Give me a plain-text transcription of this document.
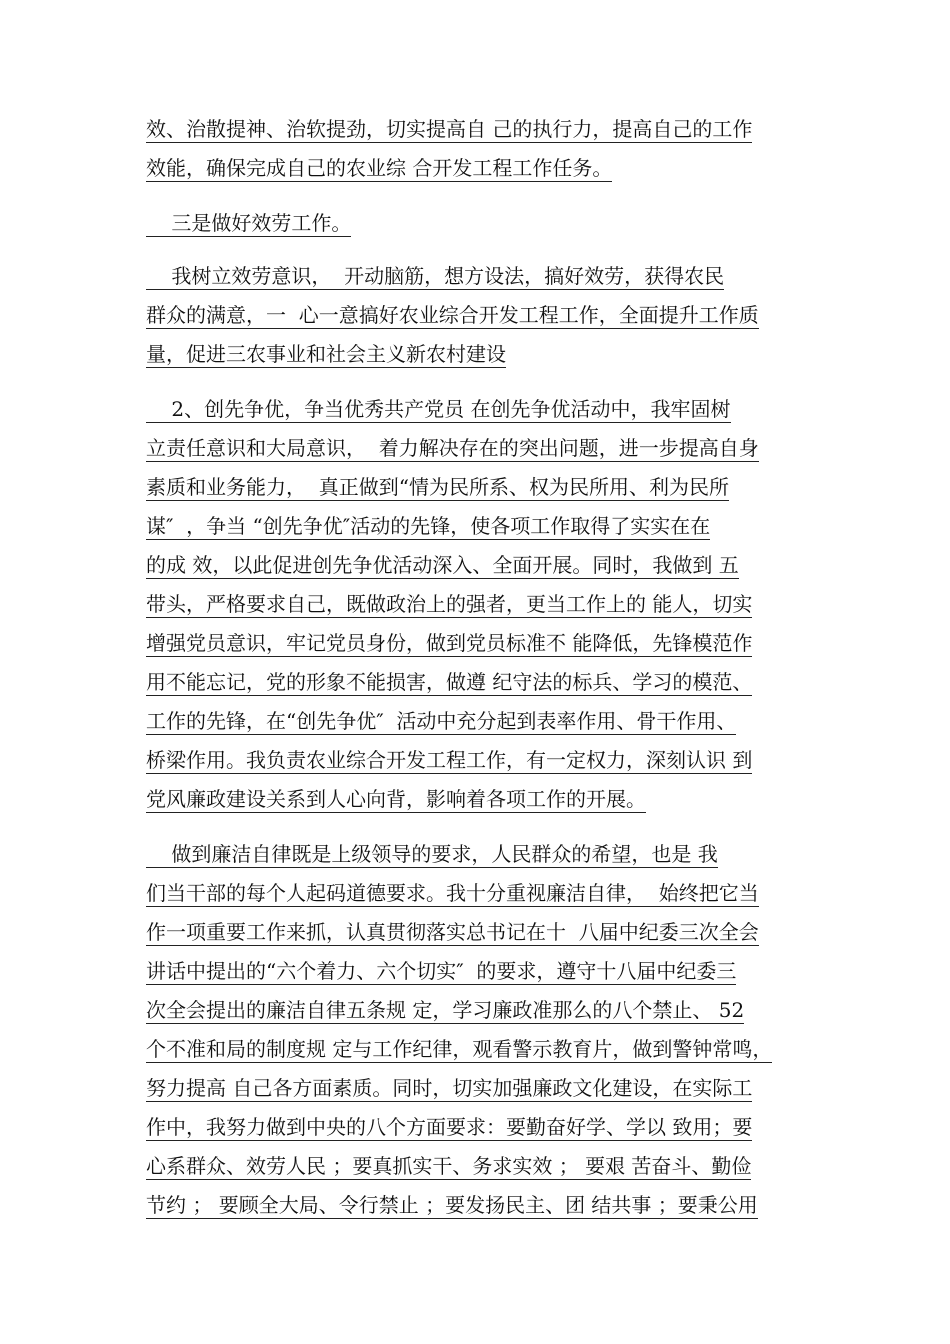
效、治散提神、治软提劲，切实提高自 己的执行力，提高自己的工作
效能，确保完成自己的农业综 合开发工程工作任务。
三是做好效劳工作。
我树立效劳意识，  开动脑筋，想方设法，搞好效劳，获得农民
群众的满意，一  心一意搞好农业综合开发工程工作，全面提升工作质
量，促进三农事业和社会主义新农村建设
2、创先争优，争当优秀共产党员 在创先争优活动中，我牢固树
立责任意识和大局意识，  着力解决存在的突出问题，进一步提高自身
素质和业务能力，  真正做到“情为民所系、权为民所用、利为民所
谋″  ，争当 “创先争优″活动的先锋，使各项工作取得了实实在在
的成 效，以此促进创先争优活动深入、全面开展。同时，我做到 五
带头，严格要求自己，既做政治上的强者，更当工作上的 能人，切实
增强党员意识，牢记党员身份，做到党员标准不 能降低，先锋模范作
用不能忘记，党的形象不能损害，做遵 纪守法的标兵、学习的模范、
工作的先锋，在“创先争优″  活动中充分起到表率作用、骨干作用、
桥梁作用。我负责农业综合开发工程工作，有一定权力，深刻认识 到
党风廉政建设关系到人心向背，影响着各项工作的开展。
做到廉洁自律既是上级领导的要求，人民群众的希望，也是 我
们当干部的每个人起码道德要求。我十分重视廉洁自律，  始终把它当
作一项重要工作来抓，认真贯彻落实总书记在十  八届中纪委三次全会
讲话中提出的“六个着力、六个切实″  的要求，遵守十八届中纪委三
次全会提出的廉洁自律五条规 定，学习廉政准那么的八个禁止、 52
个不准和局的制度规 定与工作纪律，观看警示教育片，做到警钟常鸣，
努力提高 自己各方面素质。同时，切实加强廉政文化建设，在实际工
作中，我努力做到中央的八个方面要求：要勤奋好学、学以 致用；要
心系群众、效劳人民 ；要真抓实干、务求实效 ； 要艰 苦奋斗、勤俭
节约 ； 要顾全大局、令行禁止 ；要发扬民主、团 结共事 ；要秉公用
